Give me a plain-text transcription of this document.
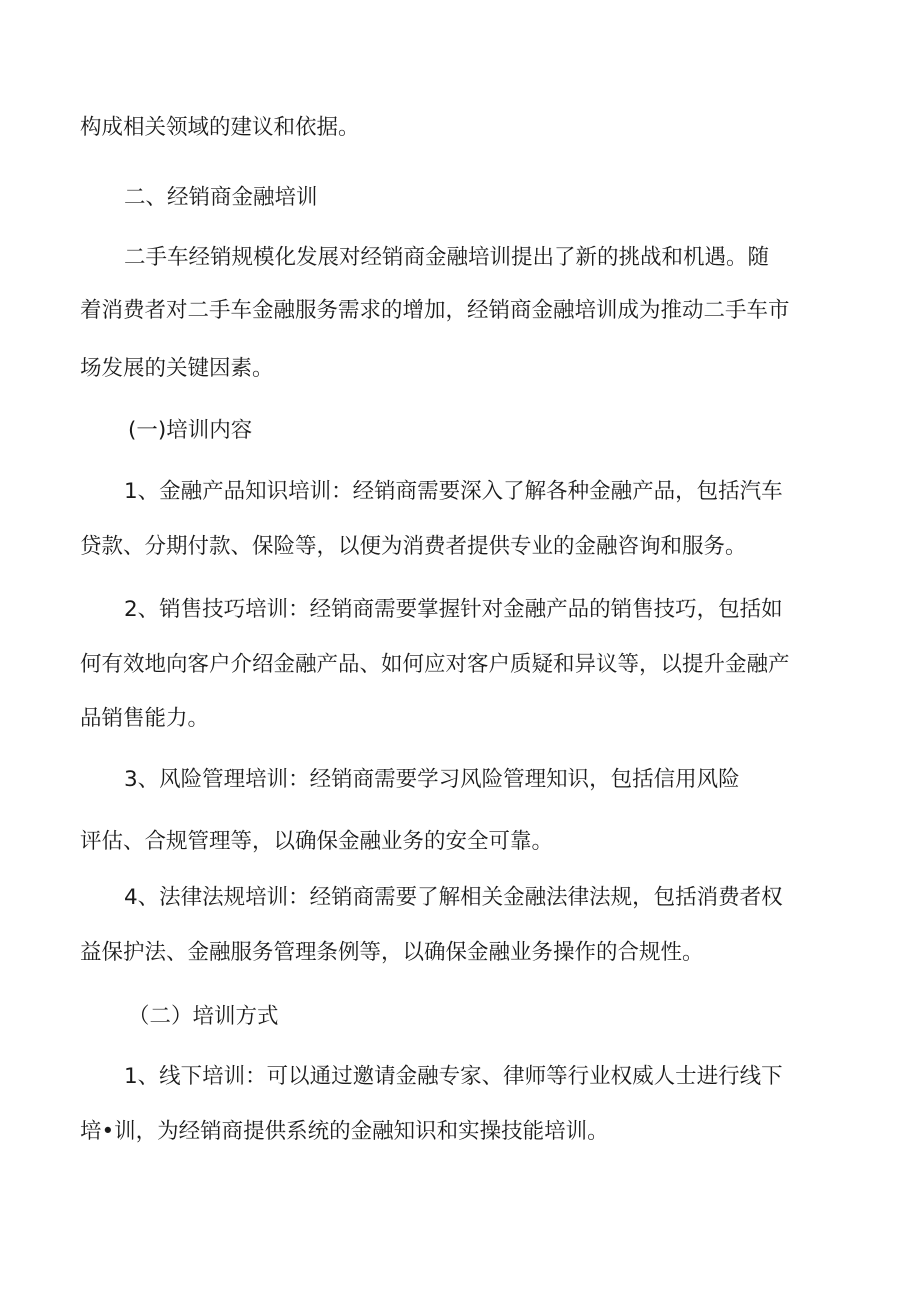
构成相关领域的建议和依据。
二、经销商金融培训
二手车经销规模化发展对经销商金融培训提出了新的挑战和机遇。随
着消费者对二手车金融服务需求的增加，经销商金融培训成为推动二手车市
场发展的关键因素。
(一)培训内容
1、金融产品知识培训：经销商需要深入了解各种金融产品，包括汽车
贷款、分期付款、保险等，以便为消费者提供专业的金融咨询和服务。
2、销售技巧培训：经销商需要掌握针对金融产品的销售技巧，包括如
何有效地向客户介绍金融产品、如何应对客户质疑和异议等，以提升金融产
品销售能力。
3、风险管理培训：经销商需要学习风险管理知识，包括信用风险
评估、合规管理等，以确保金融业务的安全可靠。
4、法律法规培训：经销商需要了解相关金融法律法规，包括消费者权
益保护法、金融服务管理条例等，以确保金融业务操作的合规性。
（二）培训方式
1、线下培训：可以通过邀请金融专家、律师等行业权威人士进行线下
培•训，为经销商提供系统的金融知识和实操技能培训。
